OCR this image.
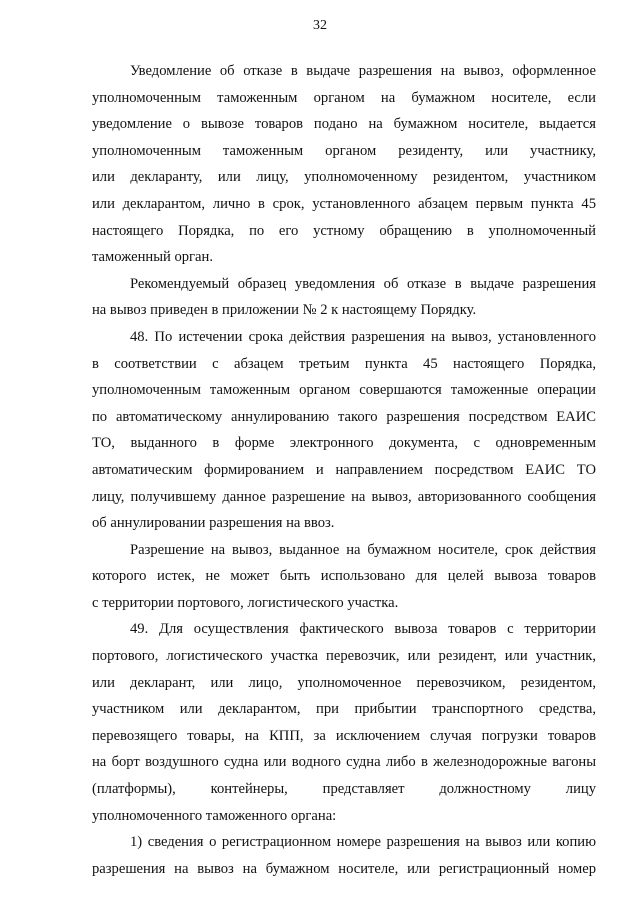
32
Уведомление об отказе в выдаче разрешения на вывоз, оформленное
уполномоченным таможенным органом на бумажном носителе, если
уведомление о вывозе товаров подано на бумажном носителе, выдается
уполномоченным таможенным органом резиденту, или участнику,
или декларанту, или лицу, уполномоченному резидентом, участником
или декларантом, лично в срок, установленного абзацем первым пункта 45
настоящего Порядка, по его устному обращению в уполномоченный
таможенный орган.
Рекомендуемый образец уведомления об отказе в выдаче разрешения
на вывоз приведен в приложении № 2 к настоящему Порядку.
48. По истечении срока действия разрешения на вывоз, установленного
в соответствии с абзацем третьим пункта 45 настоящего Порядка,
уполномоченным таможенным органом совершаются таможенные операции
по автоматическому аннулированию такого разрешения посредством ЕАИС
ТО, выданного в форме электронного документа, с одновременным
автоматическим формированием и направлением посредством ЕАИС ТО
лицу, получившему данное разрешение на вывоз, авторизованного сообщения
об аннулировании разрешения на ввоз.
Разрешение на вывоз, выданное на бумажном носителе, срок действия
которого истек, не может быть использовано для целей вывоза товаров
с территории портового, логистического участка.
49. Для осуществления фактического вывоза товаров с территории
портового, логистического участка перевозчик, или резидент, или участник,
или декларант, или лицо, уполномоченное перевозчиком, резидентом,
участником или декларантом, при прибытии транспортного средства,
перевозящего товары, на КПП, за исключением случая погрузки товаров
на борт воздушного судна или водного судна либо в железнодорожные вагоны
(платформы), контейнеры, представляет должностному лицу
уполномоченного таможенного органа:
1) сведения о регистрационном номере разрешения на вывоз или копию
разрешения на вывоз на бумажном носителе, или регистрационный номер
